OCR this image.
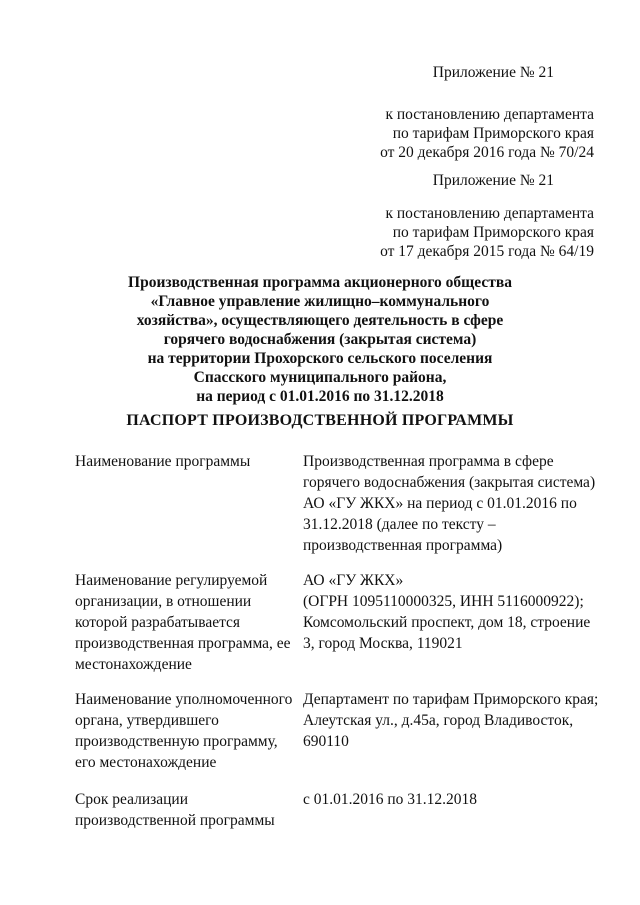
Приложение № 21
к постановлению департамента
по тарифам Приморского края
от 20 декабря 2016 года № 70/24
Приложение № 21
к постановлению департамента
по тарифам Приморского края
от 17 декабря 2015 года № 64/19
Производственная программа акционерного общества
«Главное управление жилищно–коммунального
хозяйства», осуществляющего деятельность в сфере
горячего водоснабжения (закрытая система)
на территории Прохорского сельского поселения
Спасского муниципального района,
на период с 01.01.2016 по 31.12.2018
ПАСПОРТ ПРОИЗВОДСТВЕННОЙ ПРОГРАММЫ
Наименование программы	Производственная программа в сфере
горячего водоснабжения (закрытая система)
АО «ГУ ЖКХ» на период с 01.01.2016 по
31.12.2018 (далее по тексту –
производственная программа)
Наименование регулируемой
организации, в отношении
которой разрабатывается
производственная программа, ее
местонахождение
АО «ГУ ЖКХ»
(ОГРН 1095110000325, ИНН 5116000922);
Комсомольский проспект, дом 18, строение
3, город Москва, 119021
Наименование уполномоченного
органа, утвердившего
производственную программу,
его местонахождение
Департамент по тарифам Приморского края;
Алеутская ул., д.45а, город Владивосток,
690110
Срок реализации
производственной программы
с 01.01.2016 по 31.12.2018
